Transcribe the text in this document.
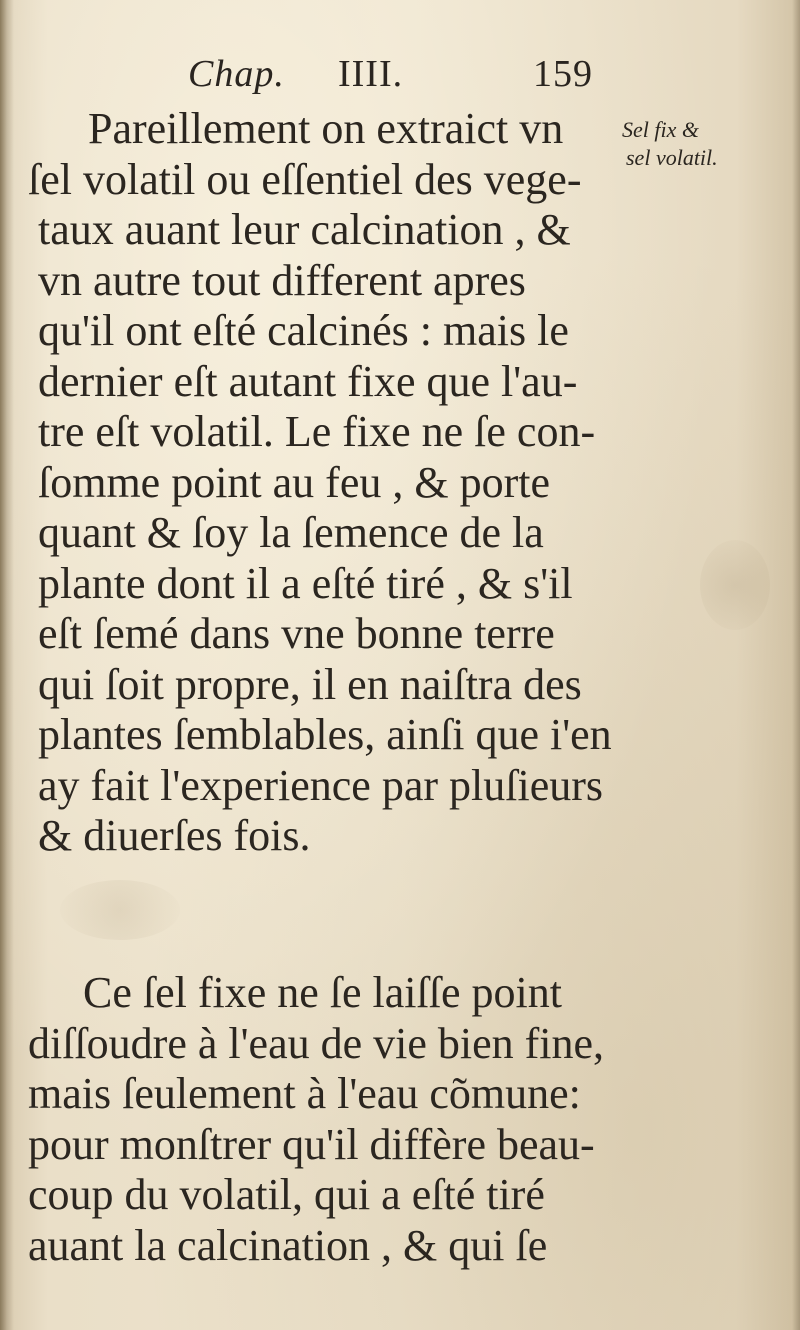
Chap. IIII.	159
Sel fix &
sel volatil.
Pareillement on extraict vn
ſel volatil ou eſſentiel des vege-
taux auant leur calcination , &
vn autre tout different apres
qu'il ont eſté calcinés : mais le
dernier eſt autant fixe que l'au-
tre eſt volatil. Le fixe ne ſe con-
ſomme point au feu , & porte
quant & ſoy la ſemence de la
plante dont il a eſté tiré , & s'il
eſt ſemé dans vne bonne terre
qui ſoit propre, il en naiſtra des
plantes ſemblables, ainſi que i'en
ay fait l'experience par pluſieurs
& diuerſes fois.
Ce ſel fixe ne ſe laiſſe point
diſſoudre à l'eau de vie bien fine,
mais ſeulement à l'eau cõmune:
pour monſtrer qu'il diffère beau-
coup du volatil, qui a eſté tiré
auant la calcination , & qui ſe
